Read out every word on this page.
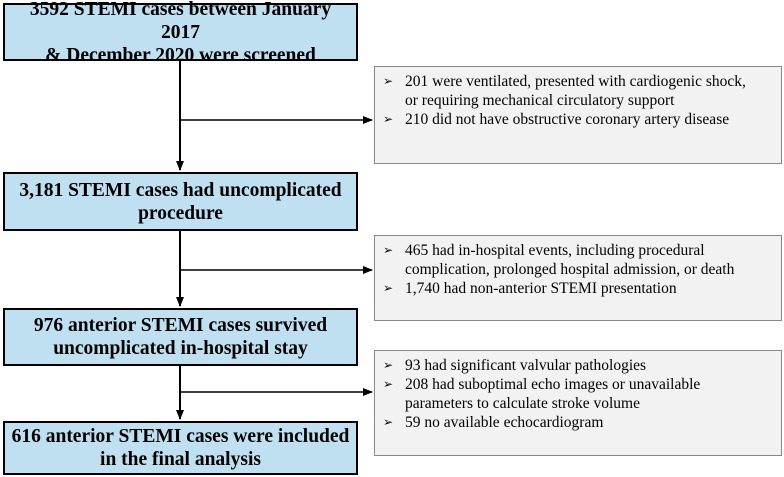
3592 STEMI cases between January 2017
& December 2020 were screened
3,181 STEMI cases had uncomplicated
procedure
976 anterior STEMI cases survived
uncomplicated in-hospital stay
616 anterior STEMI cases were included
in the final analysis
➢ 201 were ventilated, presented with cardiogenic shock,
or requiring mechanical circulatory support
➢ 210 did not have obstructive coronary artery disease
➢ 465 had in-hospital events, including procedural
complication, prolonged hospital admission, or death
➢ 1,740 had non-anterior STEMI presentation
➢ 93 had significant valvular pathologies
➢ 208 had suboptimal echo images or unavailable
parameters to calculate stroke volume
➢ 59 no available echocardiogram
